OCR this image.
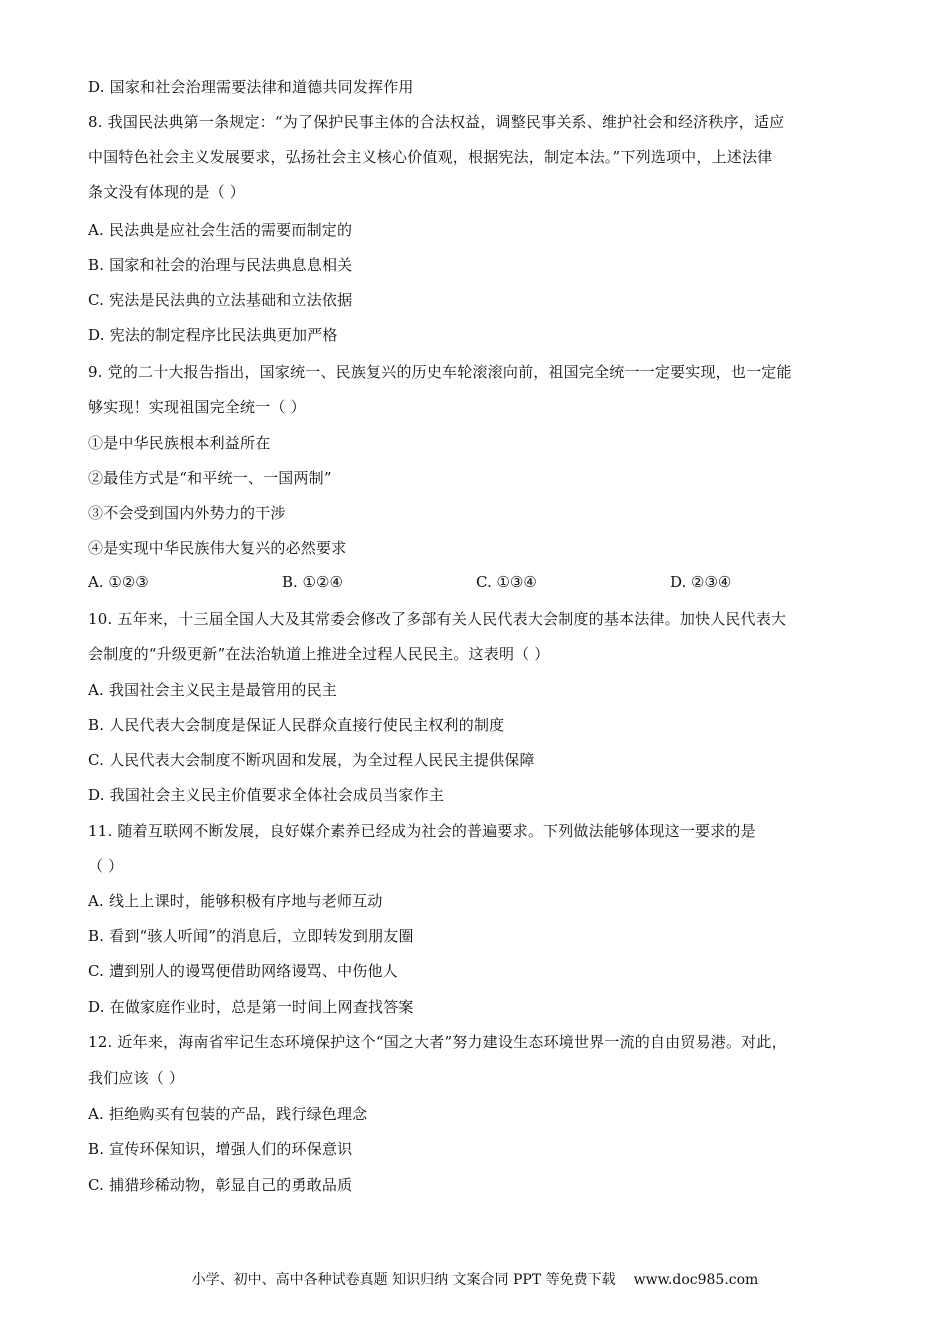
D. 国家和社会治理需要法律和道德共同发挥作用
8. 我国民法典第一条规定：“为了保护民事主体的合法权益，调整民事关系、维护社会和经济秩序，适应
中国特色社会主义发展要求，弘扬社会主义核心价值观，根据宪法，制定本法。”下列选项中，上述法律
条文没有体现的是（ ）
A. 民法典是应社会生活的需要而制定的
B. 国家和社会的治理与民法典息息相关
C. 宪法是民法典的立法基础和立法依据
D. 宪法的制定程序比民法典更加严格
9. 党的二十大报告指出，国家统一、民族复兴的历史车轮滚滚向前，祖国完全统一一定要实现，也一定能
够实现！实现祖国完全统一（ ）
①是中华民族根本利益所在
②最佳方式是“和平统一、一国两制”
③不会受到国内外势力的干涉
④是实现中华民族伟大复兴的必然要求
A. ①②③	B. ①②④	C. ①③④	D. ②③④
10. 五年来，十三届全国人大及其常委会修改了多部有关人民代表大会制度的基本法律。加快人民代表大
会制度的“升级更新”在法治轨道上推进全过程人民民主。这表明（ ）
A. 我国社会主义民主是最管用的民主
B. 人民代表大会制度是保证人民群众直接行使民主权利的制度
C. 人民代表大会制度不断巩固和发展，为全过程人民民主提供保障
D. 我国社会主义民主价值要求全体社会成员当家作主
11. 随着互联网不断发展，良好媒介素养已经成为社会的普遍要求。下列做法能够体现这一要求的是
（ ）
A. 线上上课时，能够积极有序地与老师互动
B. 看到“骇人听闻”的消息后，立即转发到朋友圈
C. 遭到别人的谩骂便借助网络谩骂、中伤他人
D. 在做家庭作业时，总是第一时间上网查找答案
12. 近年来，海南省牢记生态环境保护这个“国之大者”努力建设生态环境世界一流的自由贸易港。对此，
我们应该（ ）
A. 拒绝购买有包装的产品，践行绿色理念
B. 宣传环保知识，增强人们的环保意识
C. 捕猎珍稀动物，彰显自己的勇敢品质
小学、初中、高中各种试卷真题 知识归纳 文案合同 PPT 等免费下载 www.doc985.com
